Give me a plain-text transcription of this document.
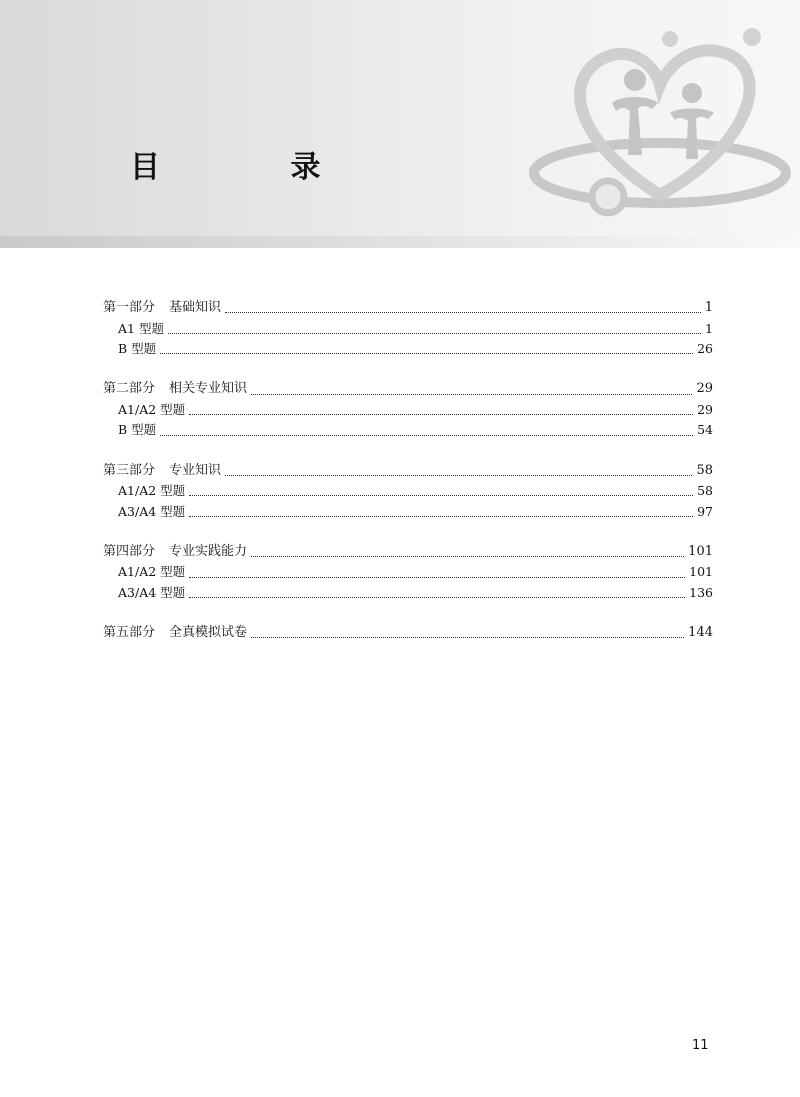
目 录
第一部分 基础知识	1
A1 型题	1
B 型题	26
第二部分 相关专业知识	29
A1/A2 型题	29
B 型题	54
第三部分 专业知识	58
A1/A2 型题	58
A3/A4 型题	97
第四部分 专业实践能力	101
A1/A2 型题	101
A3/A4 型题	136
第五部分 全真模拟试卷	144
11
